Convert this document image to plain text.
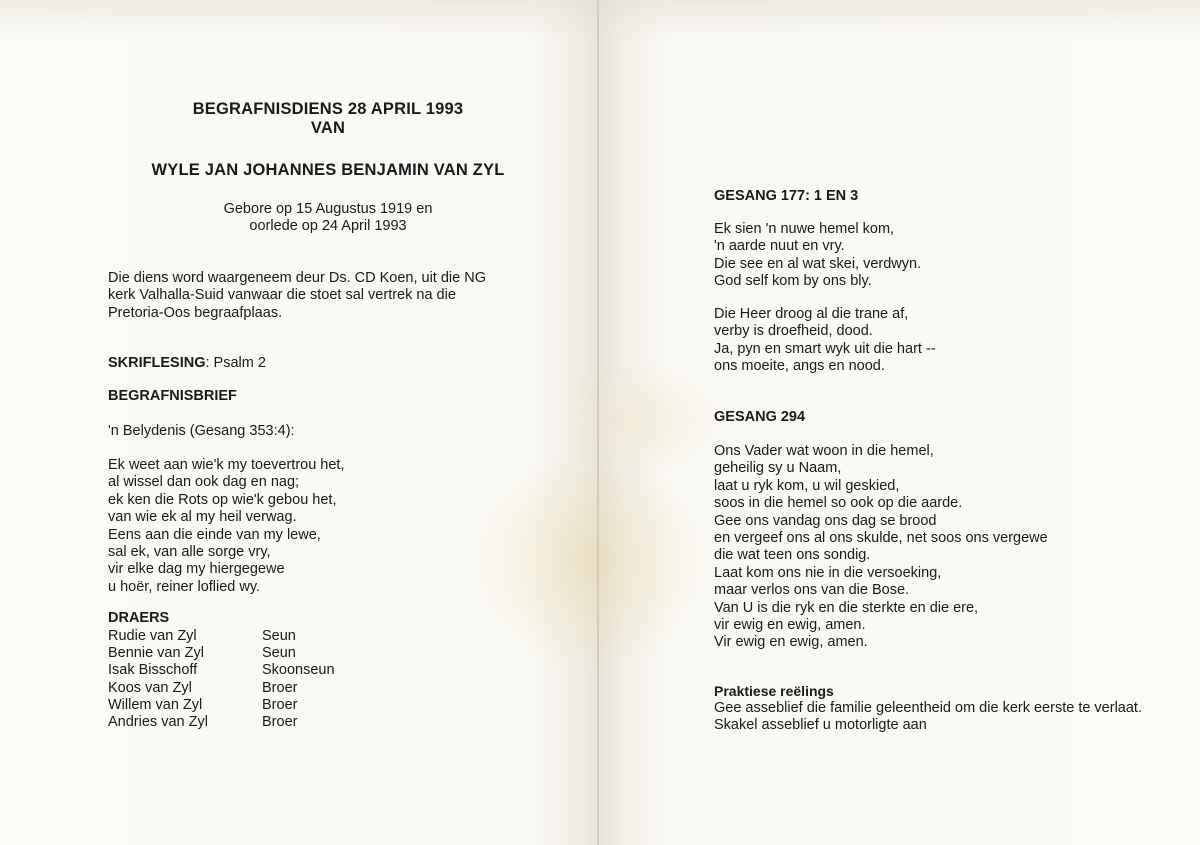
BEGRAFNISDIENS 28 APRIL 1993
VAN
WYLE JAN JOHANNES BENJAMIN VAN ZYL
Gebore op 15 Augustus 1919 en
oorlede op 24 April 1993
Die diens word waargeneem deur Ds. CD Koen, uit die NG
kerk Valhalla-Suid vanwaar die stoet sal vertrek na die
Pretoria-Oos begraafplaas.
SKRIFLESING: Psalm 2
BEGRAFNISBRIEF
'n Belydenis (Gesang 353:4):
Ek weet aan wie'k my toevertrou het,
al wissel dan ook dag en nag;
ek ken die Rots op wie'k gebou het,
van wie ek al my heil verwag.
Eens aan die einde van my lewe,
sal ek, van alle sorge vry,
vir elke dag my hiergegewe
u hoër, reiner loflied wy.
DRAERS
Rudie van Zyl	Seun
Bennie van Zyl	Seun
Isak Bisschoff	Skoonseun
Koos van Zyl	Broer
Willem van Zyl	Broer
Andries van Zyl	Broer
GESANG 177: 1 EN 3
Ek sien 'n nuwe hemel kom,
'n aarde nuut en vry.
Die see en al wat skei, verdwyn.
God self kom by ons bly.
Die Heer droog al die trane af,
verby is droefheid, dood.
Ja, pyn en smart wyk uit die hart --
ons moeite, angs en nood.
GESANG 294
Ons Vader wat woon in die hemel,
geheilig sy u Naam,
laat u ryk kom, u wil geskied,
soos in die hemel so ook op die aarde.
Gee ons vandag ons dag se brood
en vergeef ons al ons skulde, net soos ons vergewe
die wat teen ons sondig.
Laat kom ons nie in die versoeking,
maar verlos ons van die Bose.
Van U is die ryk en die sterkte en die ere,
vir ewig en ewig, amen.
Vir ewig en ewig, amen.
Praktiese reëlings
Gee asseblief die familie geleentheid om die kerk eerste te verlaat.
Skakel asseblief u motorligte aan
